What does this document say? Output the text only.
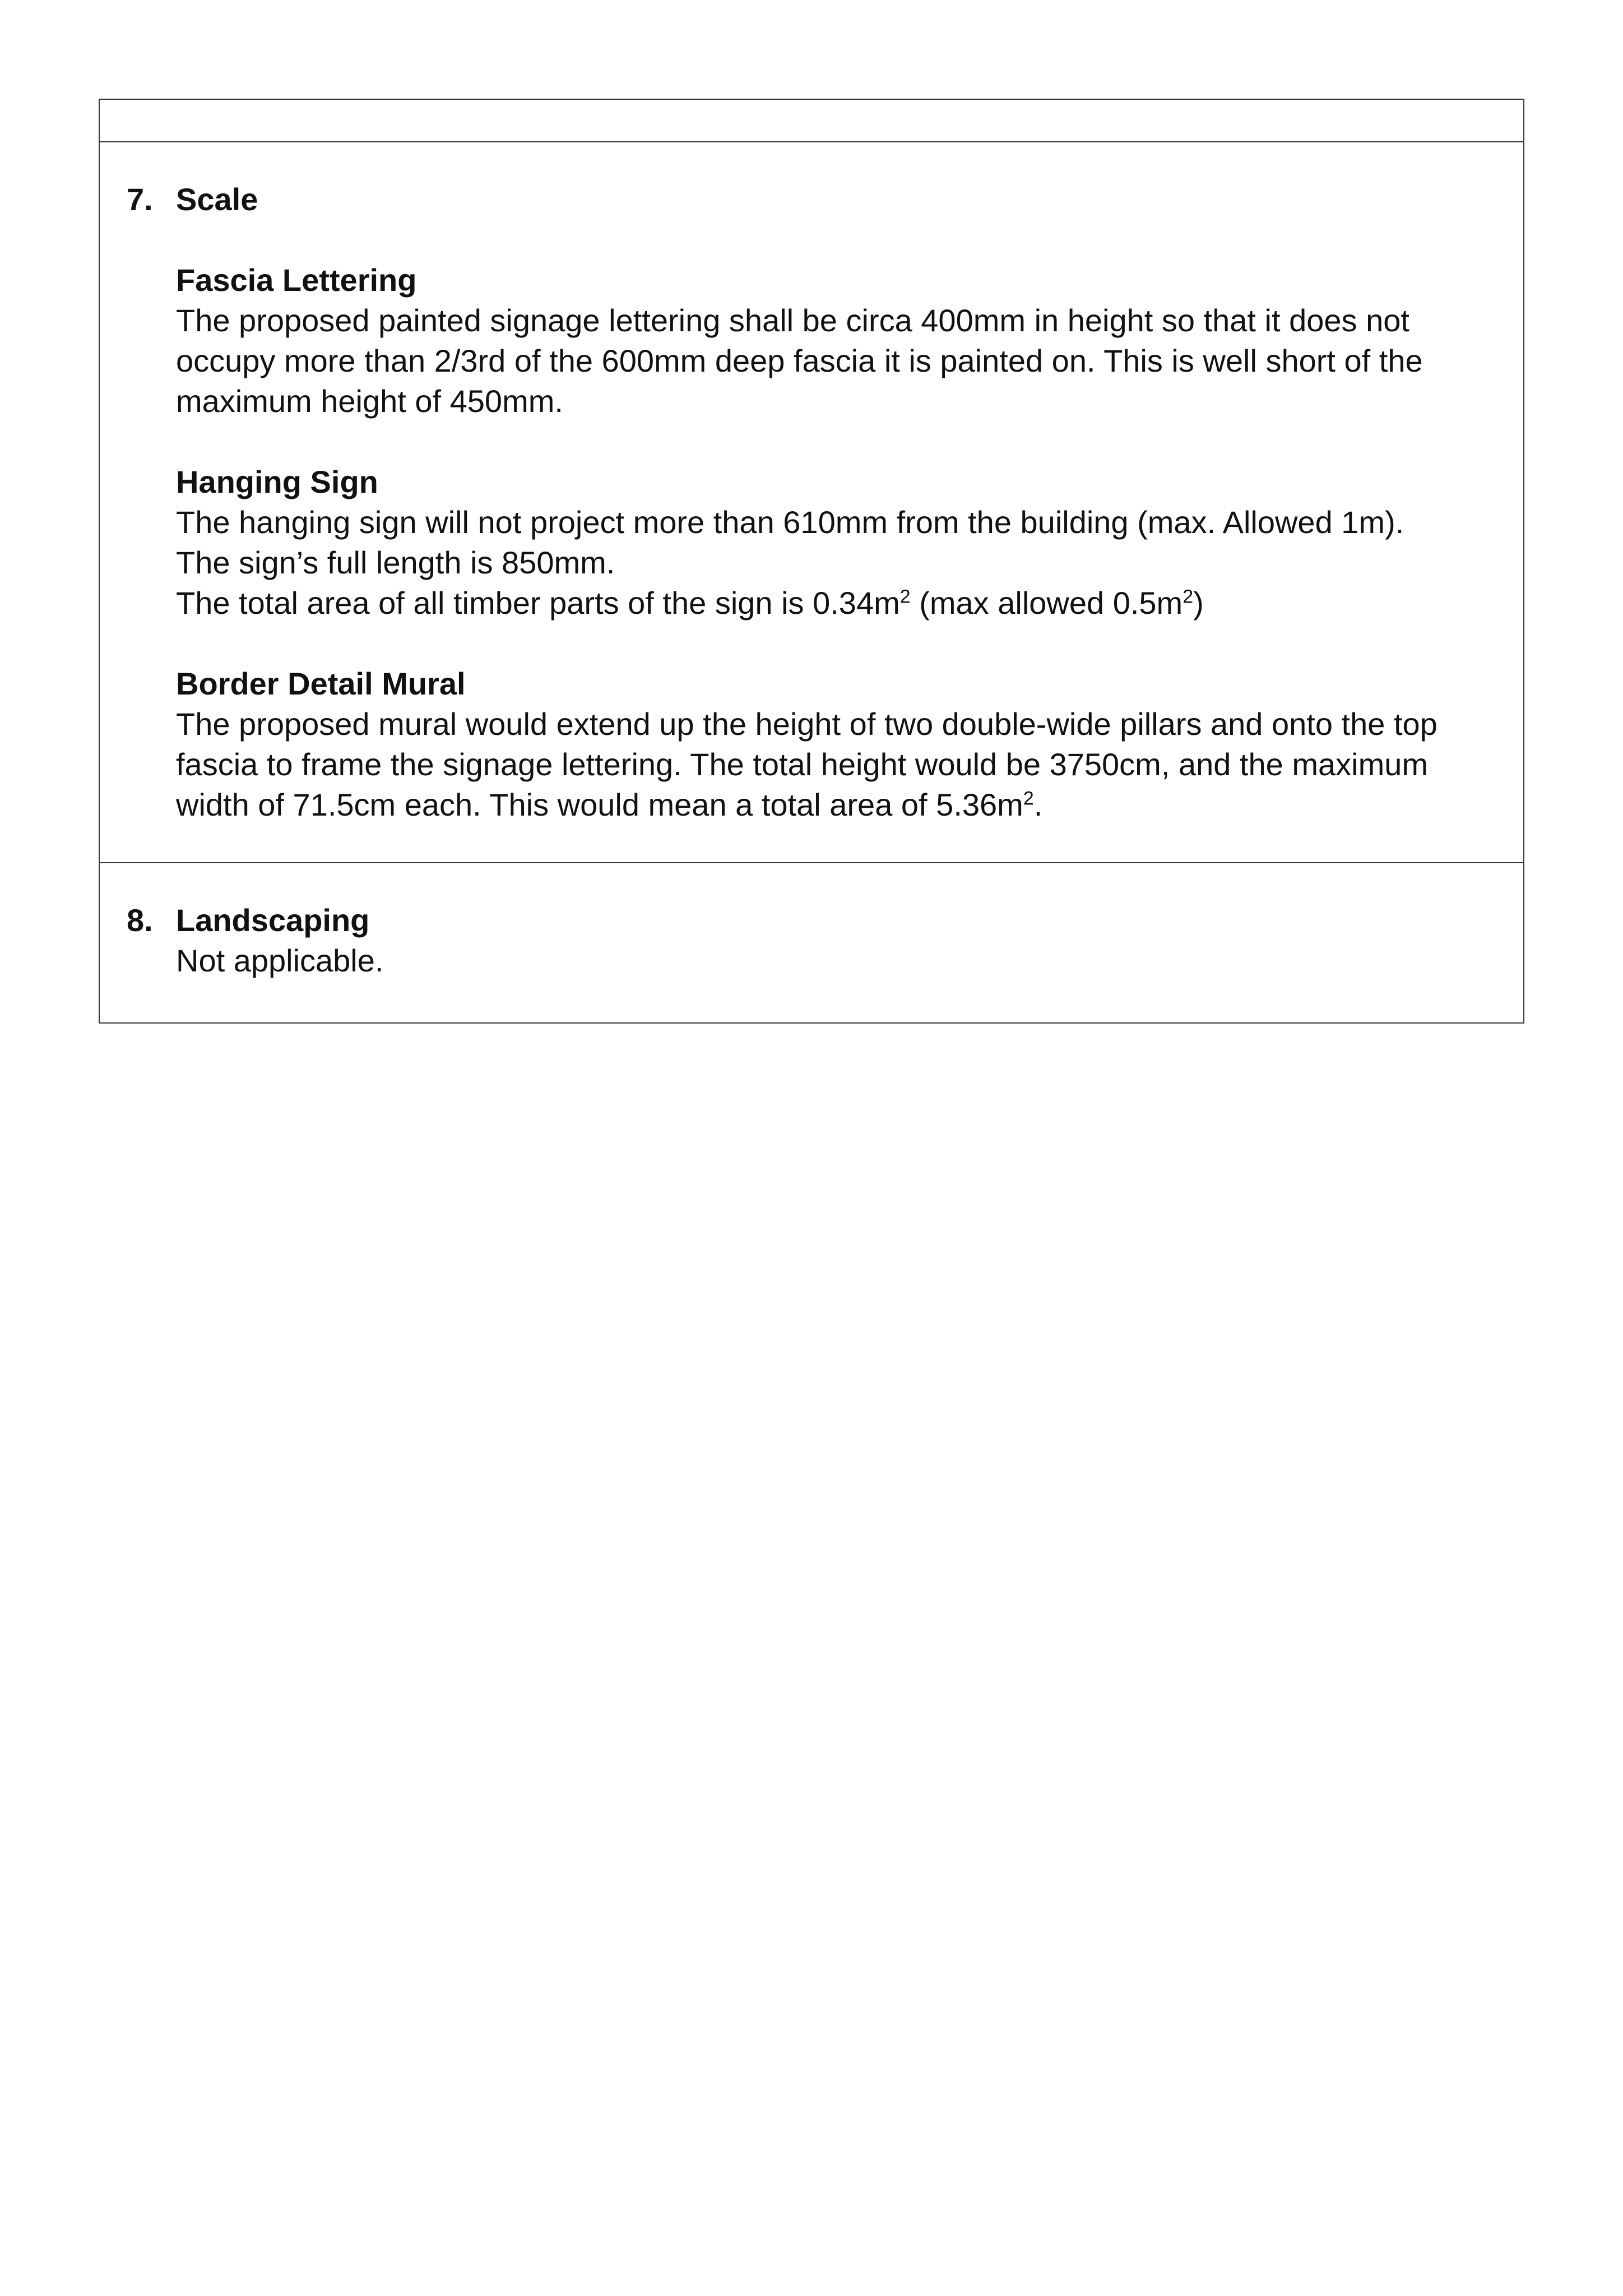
7. Scale
Fascia Lettering

The proposed painted signage lettering shall be circa 400mm in height so that it does not occupy more than 2/3rd of the 600mm deep fascia it is painted on. This is well short of the maximum height of 450mm.

Hanging Sign
The hanging sign will not project more than 610mm from the building (max. Allowed 1m).
The sign’s full length is 850mm.
The total area of all timber parts of the sign is $0.34m^2$ (max allowed $0.5m^2$)
Border Detail Mural

The proposed mural would extend up the height of two double-wide pillars and onto the top fascia to frame the signage lettering. The total height would be 3750cm, and the maximum width of 71.5cm each. This would mean a total area of $5.36m^2$.

8. Landscaping
Not applicable.
